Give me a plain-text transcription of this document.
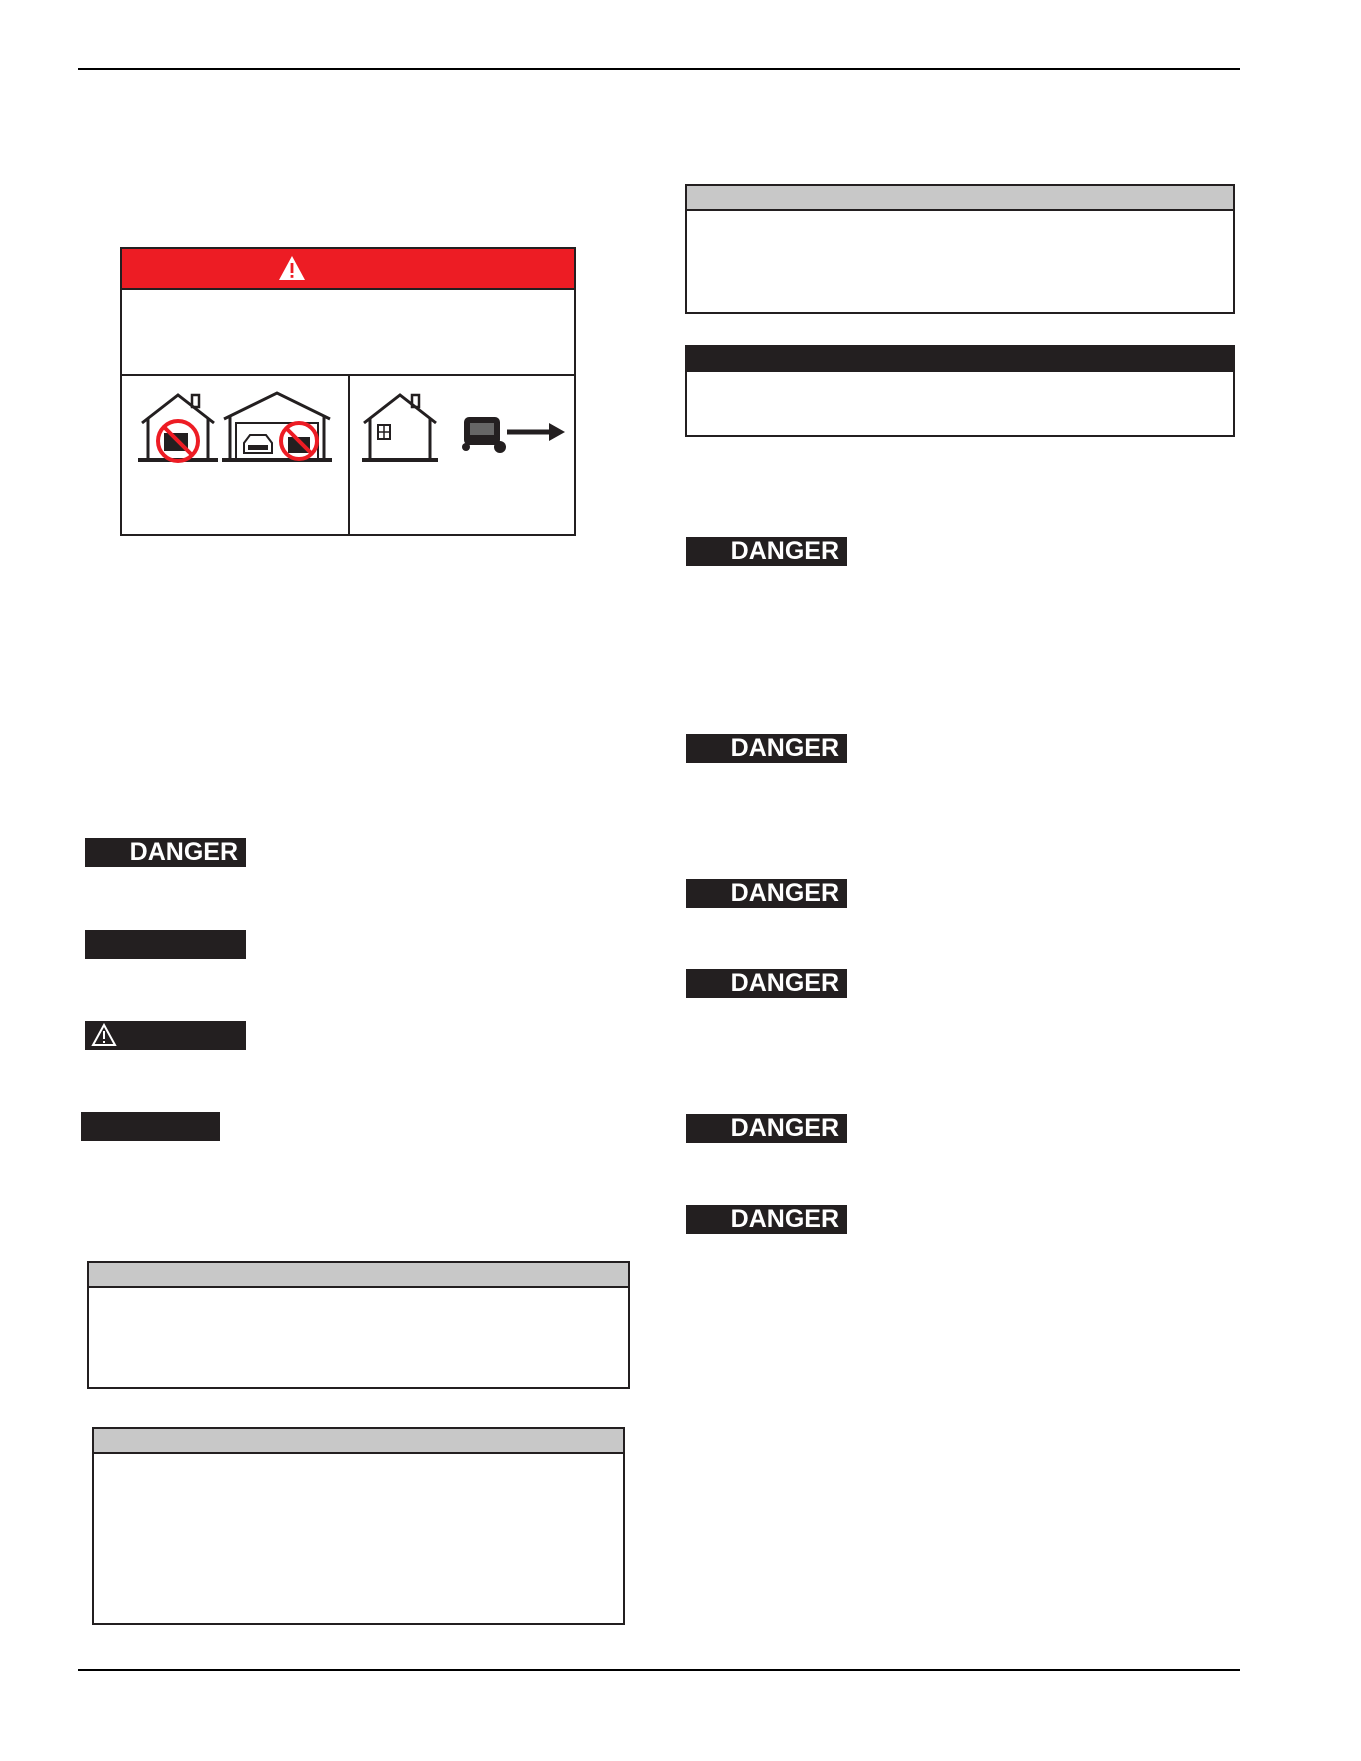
DANGER
DANGER
DANGER
DANGER
DANGER
DANGER
DANGER
